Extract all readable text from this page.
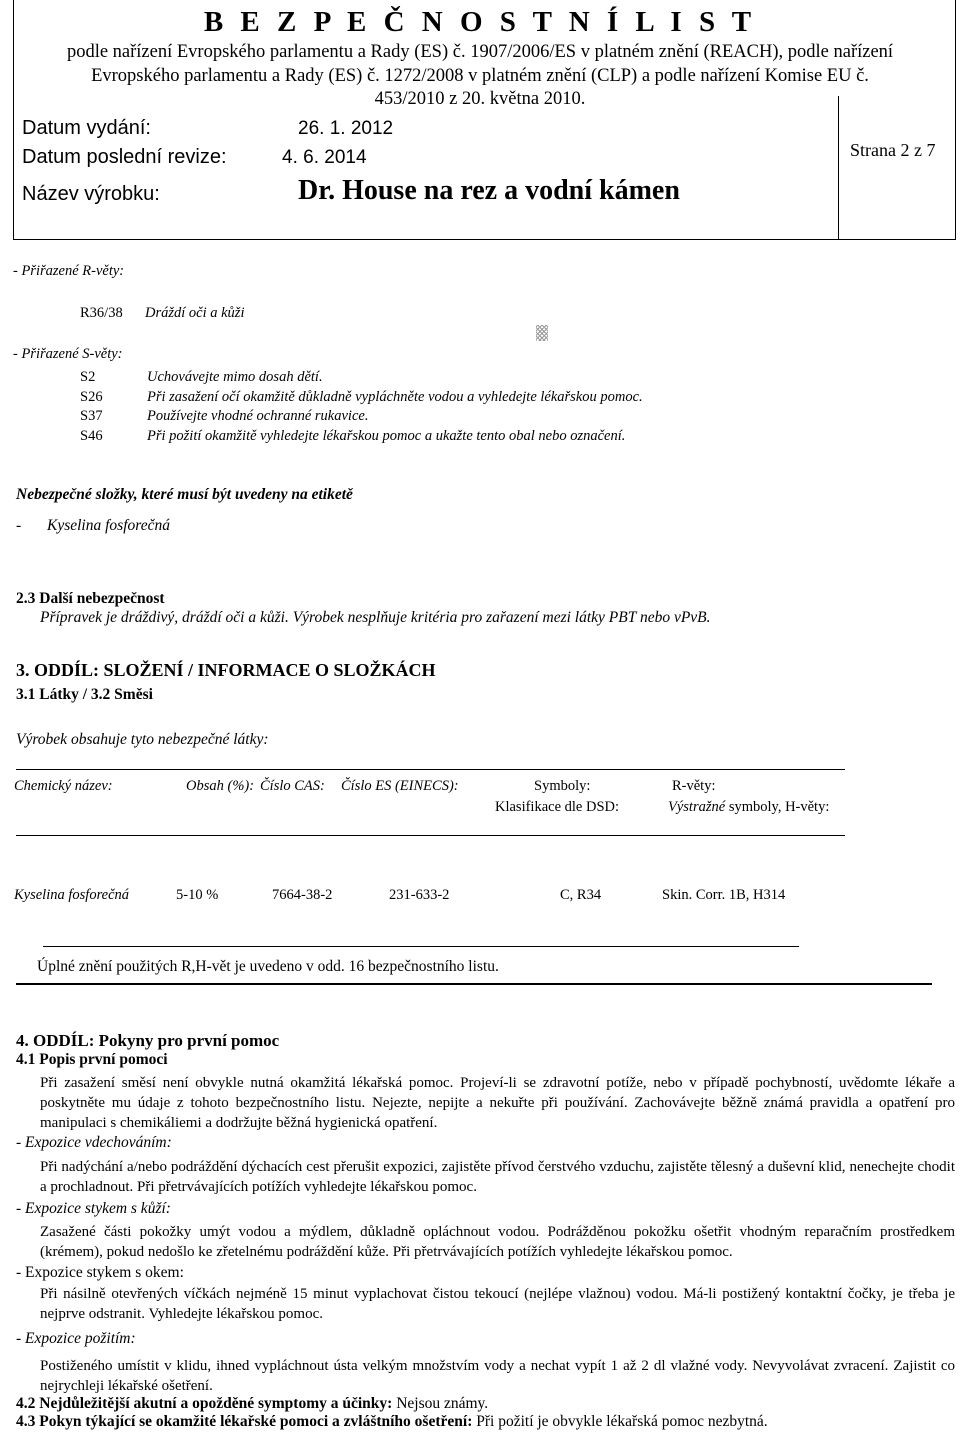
B E Z P E Č N O S T N Í L I S T
podle nařízení Evropského parlamentu a Rady (ES) č. 1907/2006/ES v platném znění (REACH), podle nařízení
Evropského parlamentu a Rady (ES) č. 1272/2008 v platném znění (CLP) a podle nařízení Komise EU č.
453/2010 z 20. května 2010.
Datum vydání:	26. 1. 2012
Datum poslední revize:	4. 6. 2014
Název výrobku:	Dr. House na rez a vodní kámen
Strana 2 z 7
- Přiřazené R-věty:
R36/38 Dráždí oči a kůži
- Přiřazené S-věty:
S2	Uchovávejte mimo dosah dětí.
S26	Při zasažení očí okamžitě důkladně vypláchněte vodou a vyhledejte lékařskou pomoc.
S37	Používejte vhodné ochranné rukavice.
S46	Při požití okamžitě vyhledejte lékařskou pomoc a ukažte tento obal nebo označení.
Nebezpečné složky, které musí být uvedeny na etiketě
- Kyselina fosforečná
2.3 Další nebezpečnost
Přípravek je dráždivý, dráždí oči a kůži. Výrobek nesplňuje kritéria pro zařazení mezi látky PBT nebo vPvB.
3. ODDÍL: SLOŽENÍ / INFORMACE O SLOŽKÁCH
3.1 Látky / 3.2 Směsi
Výrobek obsahuje tyto nebezpečné látky:
Chemický název:	Obsah (%): Číslo CAS: Číslo ES (EINECS):	Symboly:	R-věty:
Klasifikace dle DSD:	Výstražné symboly, H-věty:
Kyselina fosforečná	5-10 %	7664-38-2	231-633-2	C, R34	Skin. Corr. 1B, H314
Úplné znění použitých R,H-vět je uvedeno v odd. 16 bezpečnostního listu.
4. ODDÍL: Pokyny pro první pomoc
4.1 Popis první pomoci
Při zasažení směsí není obvykle nutná okamžitá lékařská pomoc. Projeví-li se zdravotní potíže, nebo v případě pochybností, uvědomte lékaře a poskytněte mu údaje z tohoto bezpečnostního listu. Nejezte, nepijte a nekuřte při používání. Zachovávejte běžně známá pravidla a opatření pro manipulaci s chemikáliemi a dodržujte běžná hygienická opatření.
- Expozice vdechováním:
Při nadýchání a/nebo podráždění dýchacích cest přerušit expozici, zajistěte přívod čerstvého vzduchu, zajistěte tělesný a duševní klid, nenechejte chodit a prochladnout. Při přetrvávajících potížích vyhledejte lékařskou pomoc.
- Expozice stykem s kůží:
Zasažené části pokožky umýt vodou a mýdlem, důkladně opláchnout vodou. Podrážděnou pokožku ošetřit vhodným reparačním prostředkem (krémem), pokud nedošlo ke zřetelnému podráždění kůže. Při přetrvávajících potížích vyhledejte lékařskou pomoc.
- Expozice stykem s okem:
Při násilně otevřených víčkách nejméně 15 minut vyplachovat čistou tekoucí (nejlépe vlažnou) vodou. Má-li postižený kontaktní čočky, je třeba je nejprve odstranit. Vyhledejte lékařskou pomoc.
- Expozice požitím:
Postiženého umístit v klidu, ihned vypláchnout ústa velkým množstvím vody a nechat vypít 1 až 2 dl vlažné vody. Nevyvolávat zvracení. Zajistit co nejrychleji lékařské ošetření.
4.2 Nejdůležitější akutní a opožděné symptomy a účinky: Nejsou známy.
4.3 Pokyn týkající se okamžité lékařské pomoci a zvláštního ošetření: Při požití je obvykle lékařská pomoc nezbytná.
